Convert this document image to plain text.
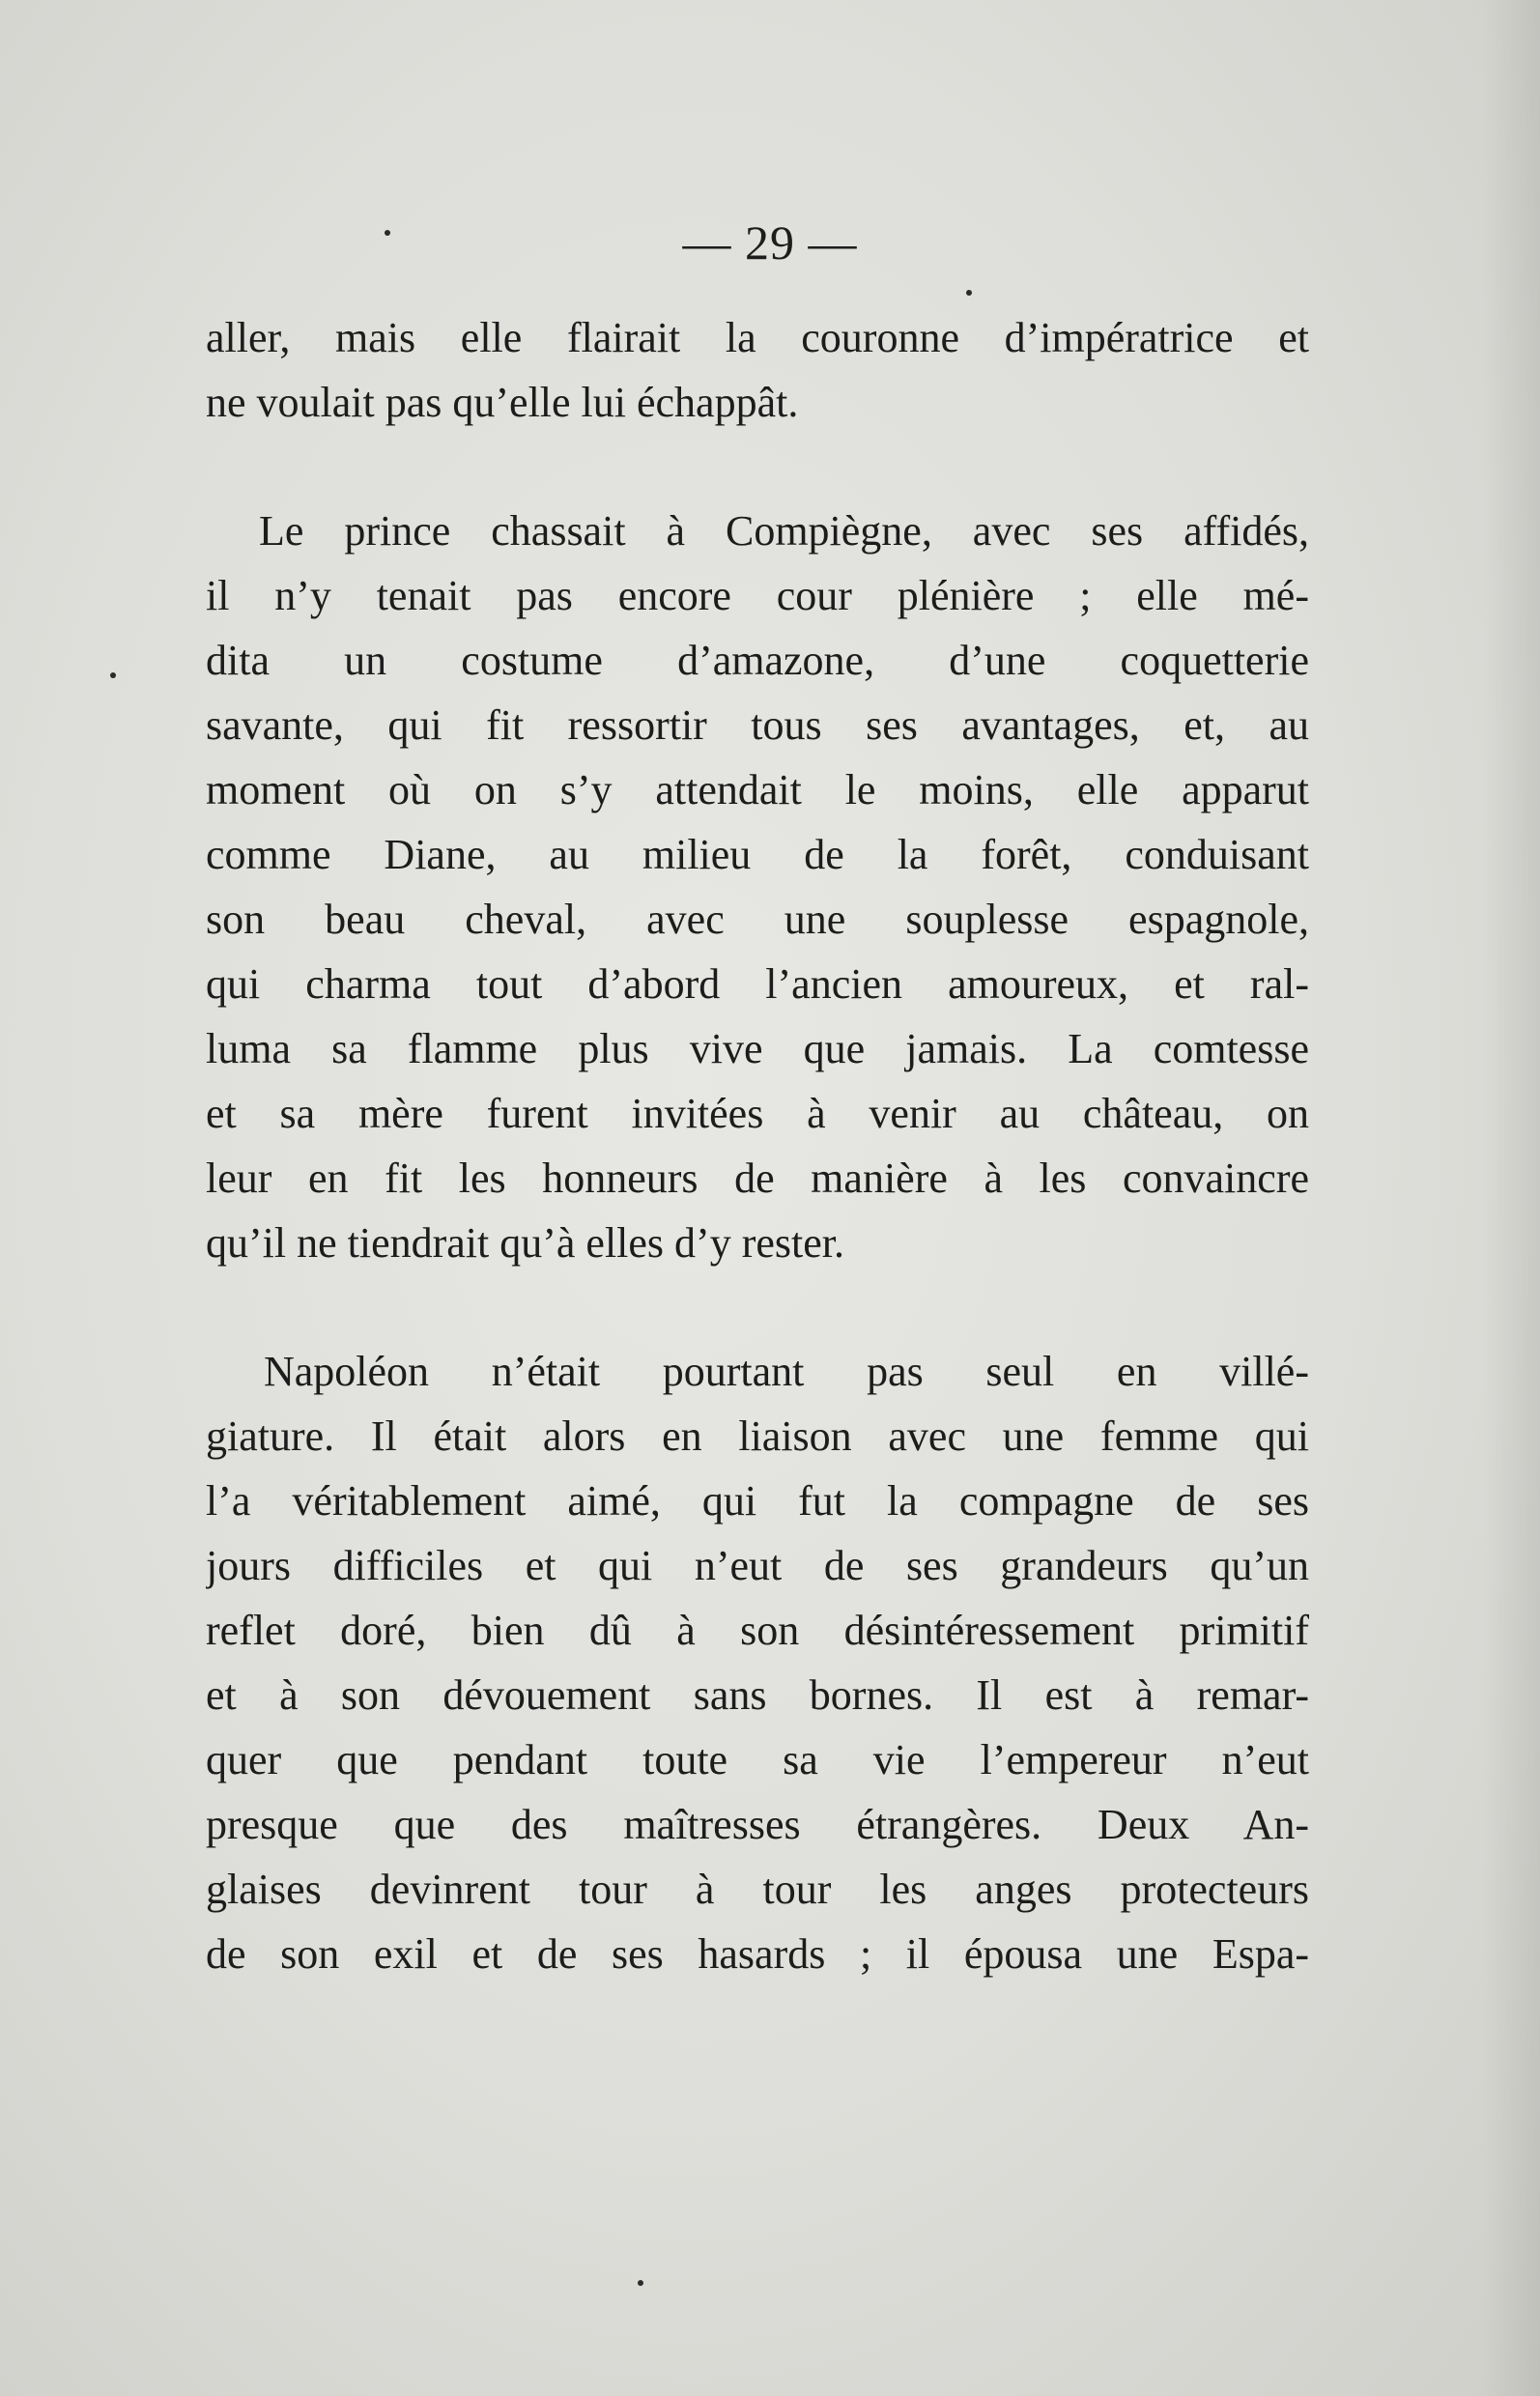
— 29 —
aller, mais elle flairait la couronne d’impératrice et
ne voulait pas qu’elle lui échappât.
Le prince chassait à Compiègne, avec ses affidés,
il n’y tenait pas encore cour plénière ; elle mé-
dita un costume d’amazone, d’une coquetterie
savante, qui fit ressortir tous ses avantages, et, au
moment où on s’y attendait le moins, elle apparut
comme Diane, au milieu de la forêt, conduisant
son beau cheval, avec une souplesse espagnole,
qui charma tout d’abord l’ancien amoureux, et ral-
luma sa flamme plus vive que jamais. La comtesse
et sa mère furent invitées à venir au château, on
leur en fit les honneurs de manière à les convaincre
qu’il ne tiendrait qu’à elles d’y rester.
Napoléon n’était pourtant pas seul en villé-
giature. Il était alors en liaison avec une femme qui
l’a véritablement aimé, qui fut la compagne de ses
jours difficiles et qui n’eut de ses grandeurs qu’un
reflet doré, bien dû à son désintéressement primitif
et à son dévouement sans bornes. Il est à remar-
quer que pendant toute sa vie l’empereur n’eut
presque que des maîtresses étrangères. Deux An-
glaises devinrent tour à tour les anges protecteurs
de son exil et de ses hasards ; il épousa une Espa-
